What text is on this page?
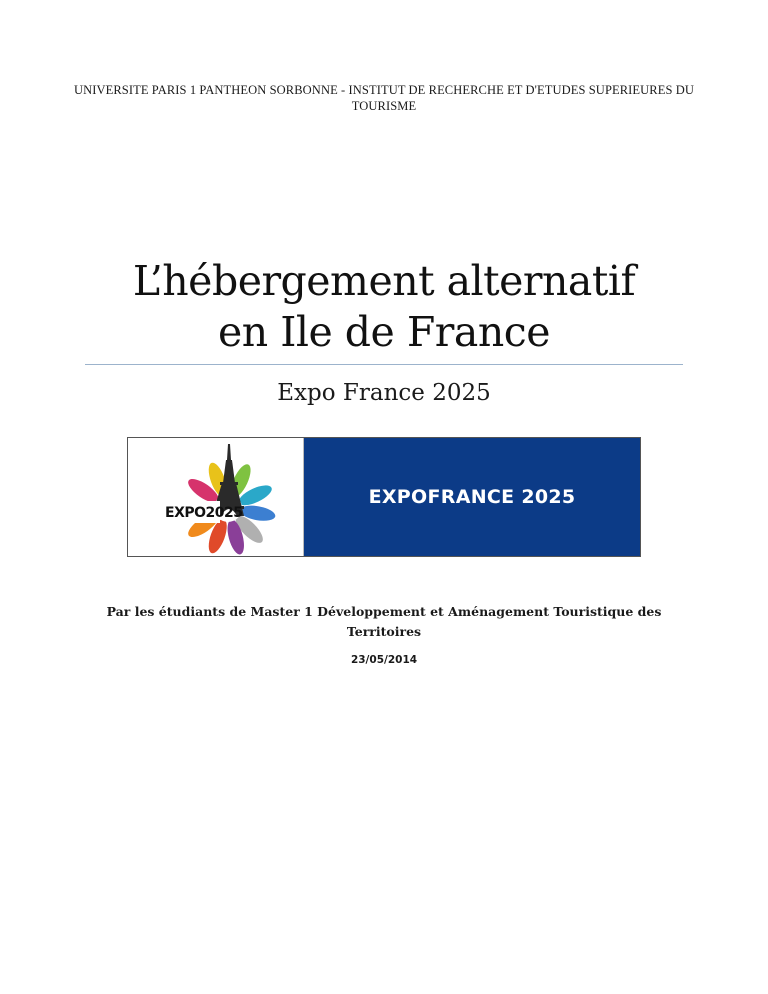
UNIVERSITE PARIS 1 PANTHEON SORBONNE - INSTITUT DE RECHERCHE ET D'ETUDES SUPERIEURES DU TOURISME
L’hébergement alternatif
en Ile de France
Expo France 2025
EXPO2025
EXPOFRANCE 2025
Par les étudiants de Master 1 Développement et Aménagement Touristique des Territoires
23/05/2014
